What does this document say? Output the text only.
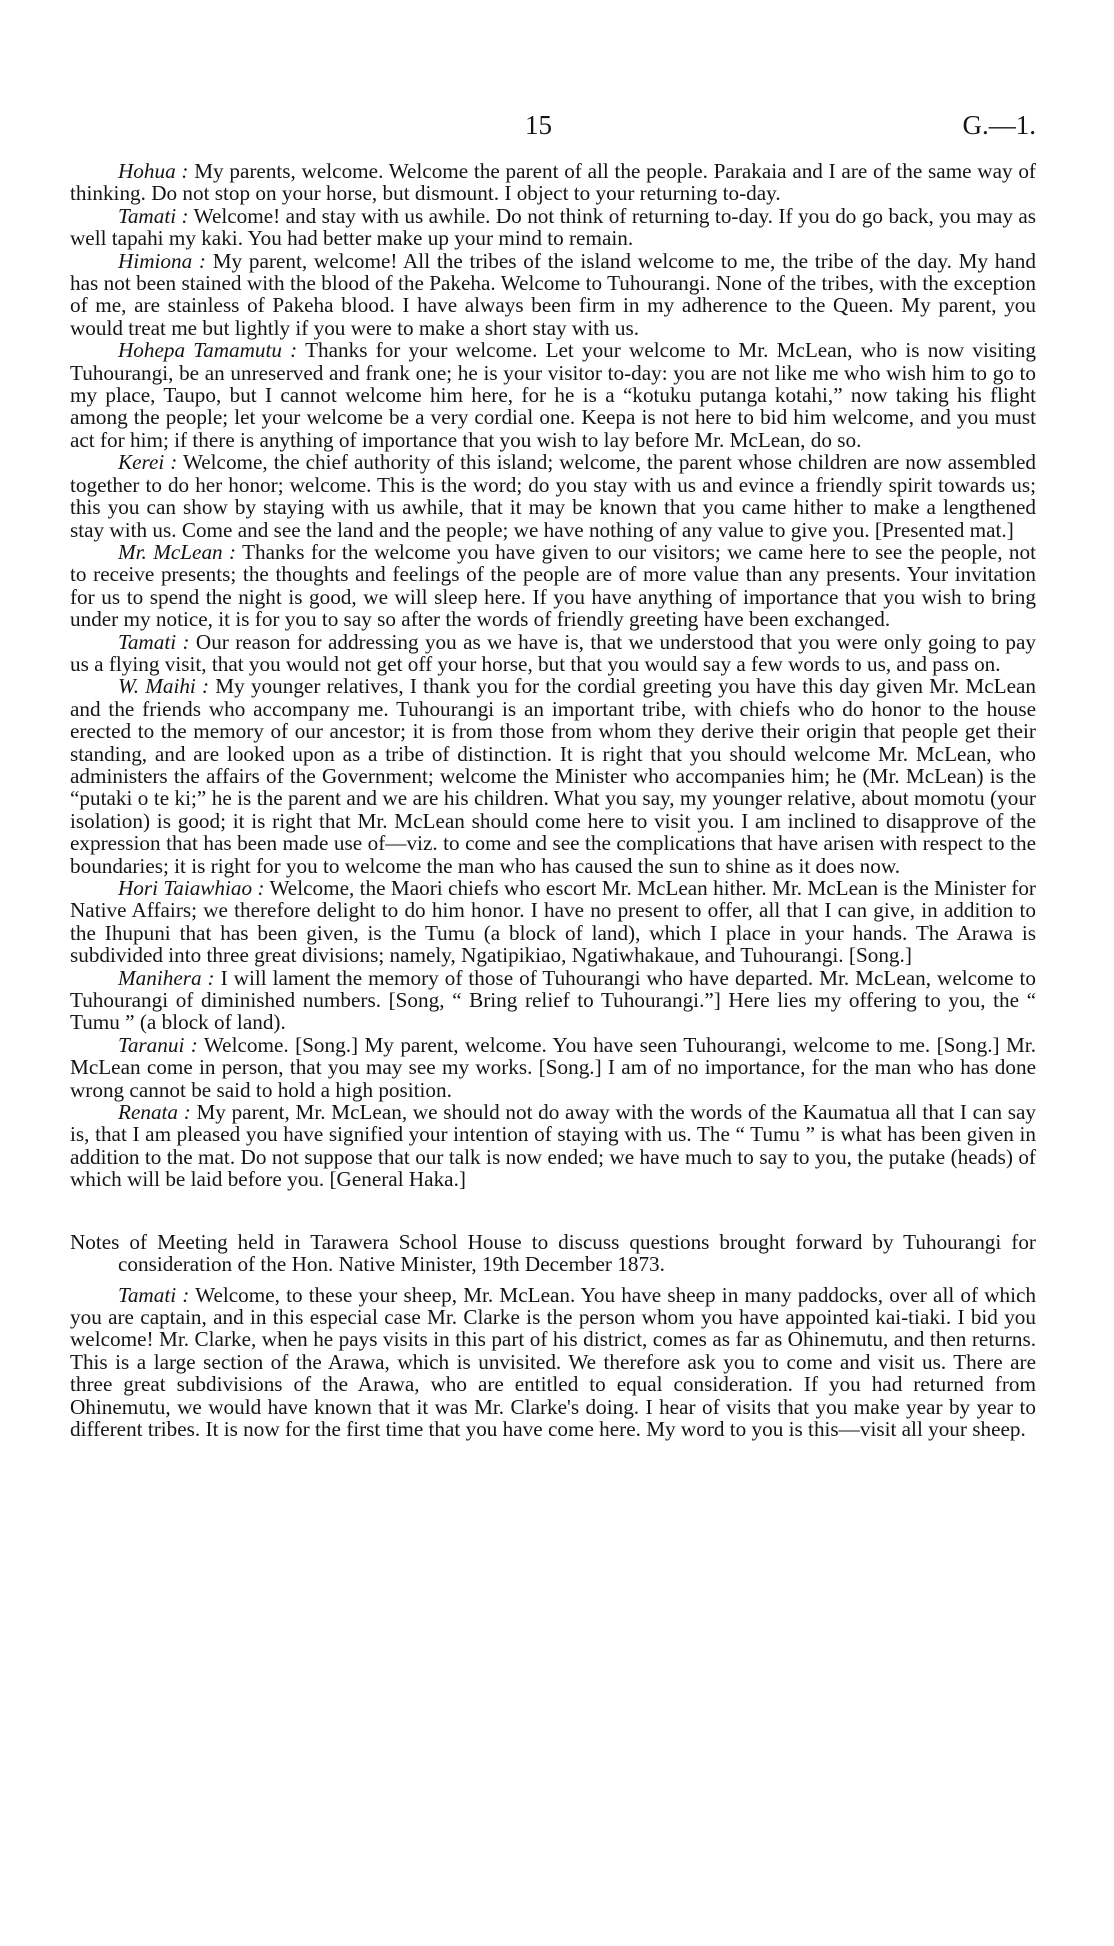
15	G.—1.

Hohua : My parents, welcome. Welcome the parent of all the people. Parakaia and I are of the same way of thinking. Do not stop on your horse, but dismount. I object to your returning to-day.

Tamati : Welcome! and stay with us awhile. Do not think of returning to-day. If you do go back, you may as well tapahi my kaki. You had better make up your mind to remain.

Himiona : My parent, welcome! All the tribes of the island welcome to me, the tribe of the day. My hand has not been stained with the blood of the Pakeha. Welcome to Tuhourangi. None of the tribes, with the exception of me, are stainless of Pakeha blood. I have always been firm in my adherence to the Queen. My parent, you would treat me but lightly if you were to make a short stay with us.

Hohepa Tamamutu : Thanks for your welcome. Let your welcome to Mr. McLean, who is now visiting Tuhourangi, be an unreserved and frank one; he is your visitor to-day: you are not like me who wish him to go to my place, Taupo, but I cannot welcome him here, for he is a “kotuku putanga kotahi,” now taking his flight among the people; let your welcome be a very cordial one. Keepa is not here to bid him welcome, and you must act for him; if there is anything of importance that you wish to lay before Mr. McLean, do so.

Kerei : Welcome, the chief authority of this island; welcome, the parent whose children are now assembled together to do her honor; welcome. This is the word; do you stay with us and evince a friendly spirit towards us; this you can show by staying with us awhile, that it may be known that you came hither to make a lengthened stay with us. Come and see the land and the people; we have nothing of any value to give you. [Presented mat.]

Mr. McLean : Thanks for the welcome you have given to our visitors; we came here to see the people, not to receive presents; the thoughts and feelings of the people are of more value than any presents. Your invitation for us to spend the night is good, we will sleep here. If you have anything of importance that you wish to bring under my notice, it is for you to say so after the words of friendly greeting have been exchanged.

Tamati : Our reason for addressing you as we have is, that we understood that you were only going to pay us a flying visit, that you would not get off your horse, but that you would say a few words to us, and pass on.

W. Maihi : My younger relatives, I thank you for the cordial greeting you have this day given Mr. McLean and the friends who accompany me. Tuhourangi is an important tribe, with chiefs who do honor to the house erected to the memory of our ancestor; it is from those from whom they derive their origin that people get their standing, and are looked upon as a tribe of distinction. It is right that you should welcome Mr. McLean, who administers the affairs of the Government; welcome the Minister who accompanies him; he (Mr. McLean) is the “putaki o te ki;” he is the parent and we are his children. What you say, my younger relative, about momotu (your isolation) is good; it is right that Mr. McLean should come here to visit you. I am inclined to disapprove of the expression that has been made use of—viz. to come and see the complications that have arisen with respect to the boundaries; it is right for you to welcome the man who has caused the sun to shine as it does now.

Hori Taiawhiao : Welcome, the Maori chiefs who escort Mr. McLean hither. Mr. McLean is the Minister for Native Affairs; we therefore delight to do him honor. I have no present to offer, all that I can give, in addition to the Ihupuni that has been given, is the Tumu (a block of land), which I place in your hands. The Arawa is subdivided into three great divisions; namely, Ngatipikiao, Ngatiwhakaue, and Tuhourangi. [Song.]

Manihera : I will lament the memory of those of Tuhourangi who have departed. Mr. McLean, welcome to Tuhourangi of diminished numbers. [Song, “ Bring relief to Tuhourangi.”] Here lies my offering to you, the “ Tumu ” (a block of land).

Taranui : Welcome. [Song.] My parent, welcome. You have seen Tuhourangi, welcome to me. [Song.] Mr. McLean come in person, that you may see my works. [Song.] I am of no importance, for the man who has done wrong cannot be said to hold a high position.

Renata : My parent, Mr. McLean, we should not do away with the words of the Kaumatua all that I can say is, that I am pleased you have signified your intention of staying with us. The “ Tumu ” is what has been given in addition to the mat. Do not suppose that our talk is now ended; we have much to say to you, the putake (heads) of which will be laid before you. [General Haka.]

Notes of Meeting held in Tarawera School House to discuss questions brought forward by Tuhourangi for consideration of the Hon. Native Minister, 19th December 1873.

Tamati : Welcome, to these your sheep, Mr. McLean. You have sheep in many paddocks, over all of which you are captain, and in this especial case Mr. Clarke is the person whom you have appointed kai-tiaki. I bid you welcome! Mr. Clarke, when he pays visits in this part of his district, comes as far as Ohinemutu, and then returns. This is a large section of the Arawa, which is unvisited. We therefore ask you to come and visit us. There are three great subdivisions of the Arawa, who are entitled to equal consideration. If you had returned from Ohinemutu, we would have known that it was Mr. Clarke's doing. I hear of visits that you make year by year to different tribes. It is now for the first time that you have come here. My word to you is this—visit all your sheep.
